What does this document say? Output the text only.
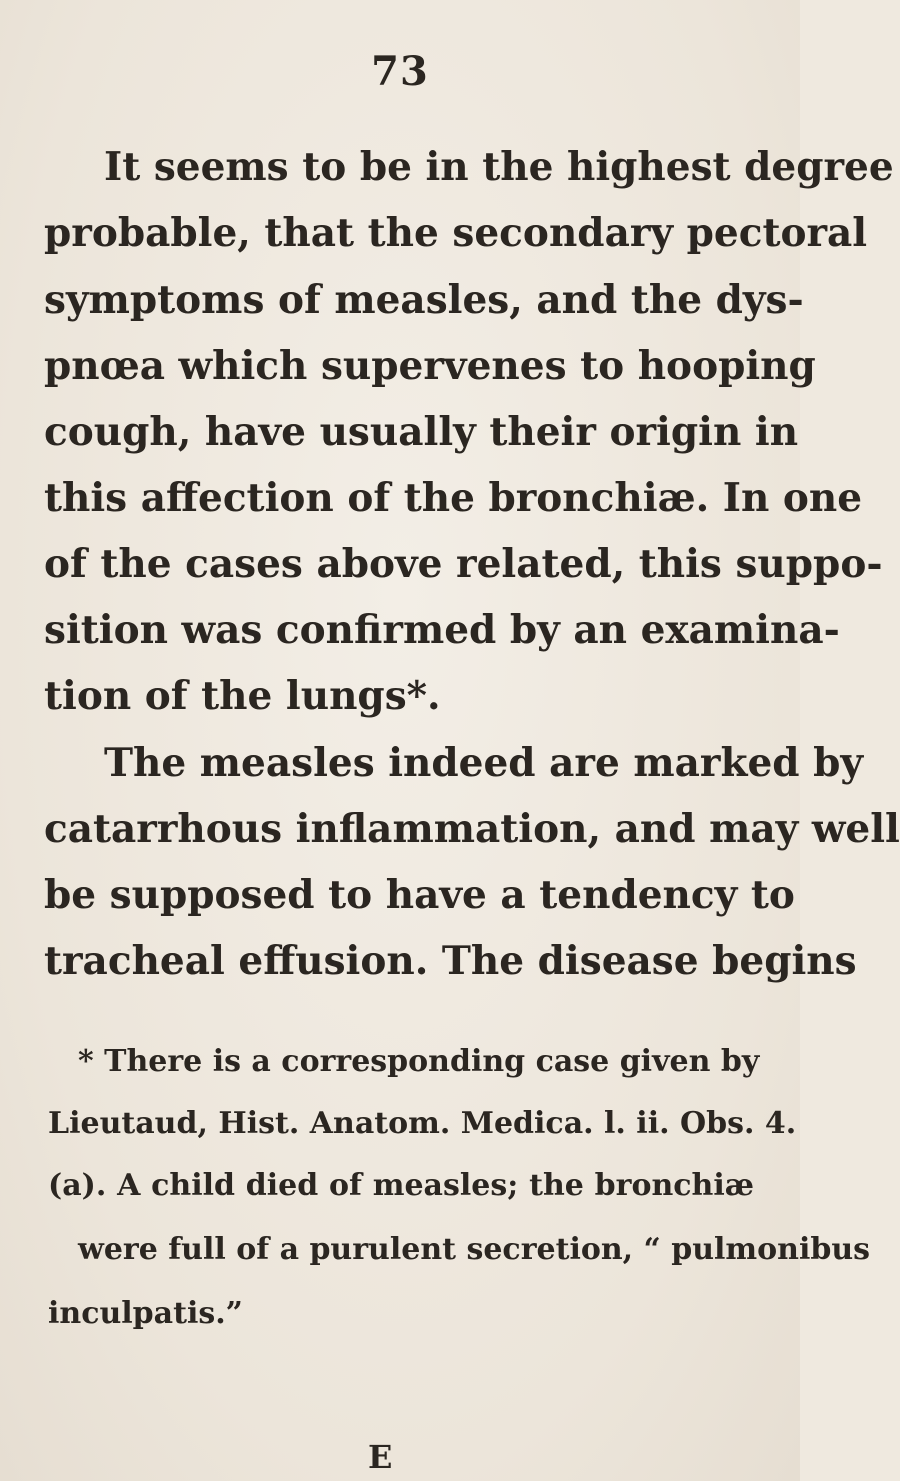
73
It seems to be in the highest degree
probable, that the secondary pectoral
symptoms of measles, and the dys-
pnœa which supervenes to hooping
cough, have usually their origin in
this affection of the bronchiæ. In one
of the cases above related, this suppo-
sition was confirmed by an examina-
tion of the lungs*.
The measles indeed are marked by
catarrhous inflammation, and may well
be supposed to have a tendency to
tracheal effusion. The disease begins
* There is a corresponding case given by
Lieutaud, Hist. Anatom. Medica. l. ii. Obs. 4.
(a). A child died of measles; the bronchiæ
were full of a purulent secretion, “ pulmonibus
inculpatis.”
E
